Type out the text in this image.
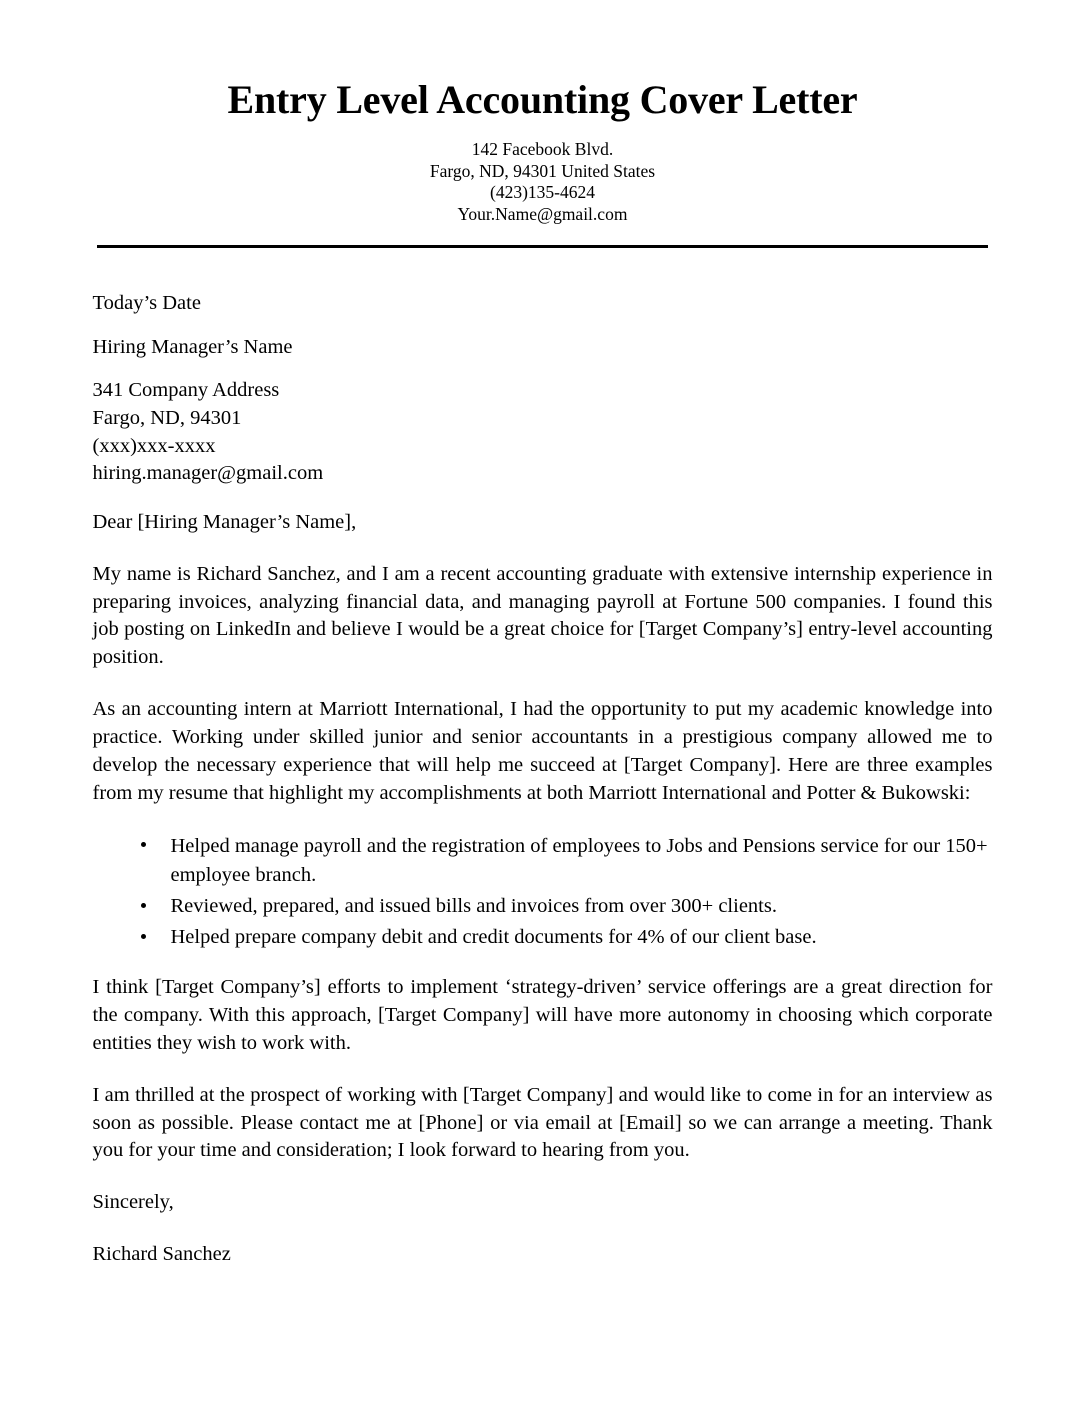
Entry Level Accounting Cover Letter
142 Facebook Blvd.
Fargo, ND, 94301 United States
(423)135-4624
Your.Name@gmail.com
Today’s Date
Hiring Manager’s Name
341 Company Address
Fargo, ND, 94301
(xxx)xxx-xxxx
hiring.manager@gmail.com
Dear [Hiring Manager’s Name],

My name is Richard Sanchez, and I am a recent accounting graduate with extensive internship experience in preparing invoices, analyzing financial data, and managing payroll at Fortune 500 companies. I found this job posting on LinkedIn and believe I would be a great choice for [Target Company’s] entry-level accounting position.

As an accounting intern at Marriott International, I had the opportunity to put my academic knowledge into practice. Working under skilled junior and senior accountants in a prestigious company allowed me to develop the necessary experience that will help me succeed at [Target Company]. Here are three examples from my resume that highlight my accomplishments at both Marriott International and Potter & Bukowski:

Helped manage payroll and the registration of employees to Jobs and Pensions service for our 150+ employee branch.
Reviewed, prepared, and issued bills and invoices from over 300+ clients.
Helped prepare company debit and credit documents for 4% of our client base.

I think [Target Company’s] efforts to implement ‘strategy-driven’ service offerings are a great direction for the company. With this approach, [Target Company] will have more autonomy in choosing which corporate entities they wish to work with.

I am thrilled at the prospect of working with [Target Company] and would like to come in for an interview as soon as possible. Please contact me at [Phone] or via email at [Email] so we can arrange a meeting. Thank you for your time and consideration; I look forward to hearing from you.

Sincerely,
Richard Sanchez
